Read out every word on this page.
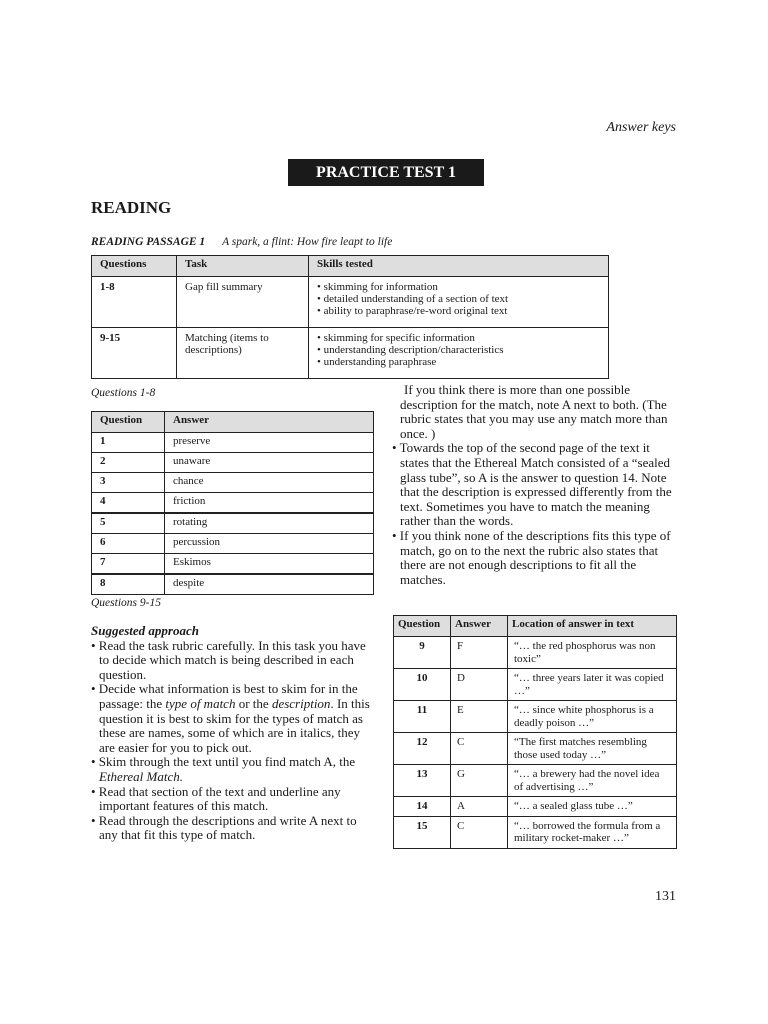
Answer keys
PRACTICE TEST 1
READING
READING PASSAGE 1 A spark, a flint: How fire leapt to life
Questions	Task	Skills tested
1-8	Gap fill summary	• skimming for information
• detailed understanding of a section of text
• ability to paraphrase/re-word original text

9-15	Matching (items to descriptions)	• skimming for specific information
• understanding description/characteristics
• understanding paraphrase
Questions 1-8
Question	Answer
1	preserve
2	unaware
3	chance
4	friction
5	rotating
6	percussion
7	Eskimos
8	despite
Questions 9-15
Suggested approach
• Read the task rubric carefully. In this task you have to decide which match is being described in each question.
• Decide what information is best to skim for in the passage: the type of match or the description. In this question it is best to skim for the types of match as these are names, some of which are in italics, they are easier for you to pick out.
• Skim through the text until you find match A, the Ethereal Match.
• Read that section of the text and underline any important features of this match.
• Read through the descriptions and write A next to any that fit this type of match.
If you think there is more than one possible description for the match, note A next to both. (The rubric states that you may use any match more than once. )
• Towards the top of the second page of the text it states that the Ethereal Match consisted of a “sealed glass tube”, so A is the answer to question 14. Note that the description is expressed differently from the text. Sometimes you have to match the meaning rather than the words.
• If you think none of the descriptions fits this type of match, go on to the next the rubric also states that there are not enough descriptions to fit all the matches.
Question	Answer	Location of answer in text
9	F	“… the red phosphorus was non toxic”
10	D	“… three years later it was copied …”
11	E	“… since white phosphorus is a deadly poison …”
12	C	“The first matches resembling those used today …”
13	G	“… a brewery had the novel idea of advertising …”
14	A	“… a sealed glass tube …”
15	C	“… borrowed the formula from a military rocket-maker …”
131
